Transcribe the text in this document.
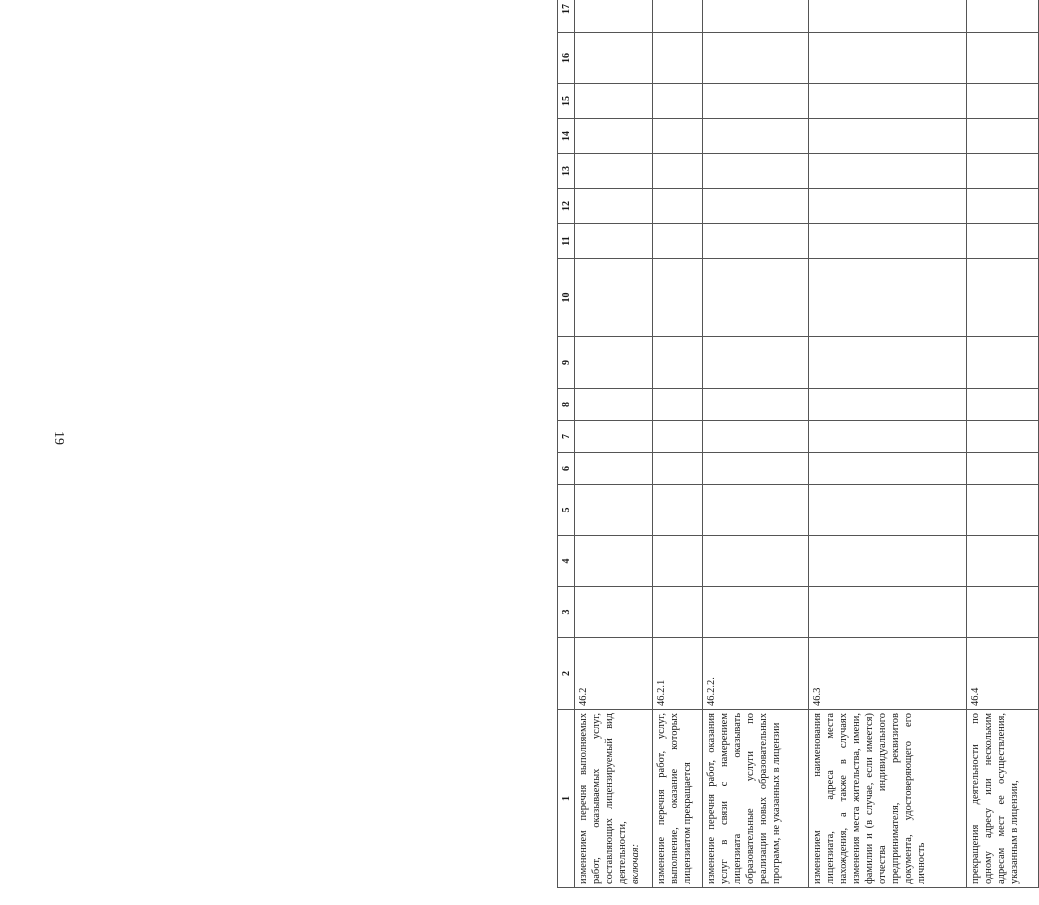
19
1	2	3	4	5	6	7	8	9	10	11	12	13	14	15	16	17
изменением перечня выполняемых работ, оказываемых услуг, составляющих лицензируемый вид деятельности, включая:	46.2															
изменение перечня работ, услуг, выполнение, оказание которых лицензиатом прекращается	46.2.1															
изменение перечня работ, оказания услуг в связи с намерением лицензиата оказывать образовательные услуги по реализации новых образовательных программ, не указанных в лицензии	46.2.2.															
изменением наименования лицензиата, адреса места нахождения, а также в случаях изменения места жительства, имени, фамилии и (в случае, если имеется) отчества индивидуального предпринимателя, реквизитов документа, удостоверяющего его личность	46.3															
прекращения деятельности по одному адресу или нескольким адресам мест ее осуществления, указанным в лицензии,	46.4															
